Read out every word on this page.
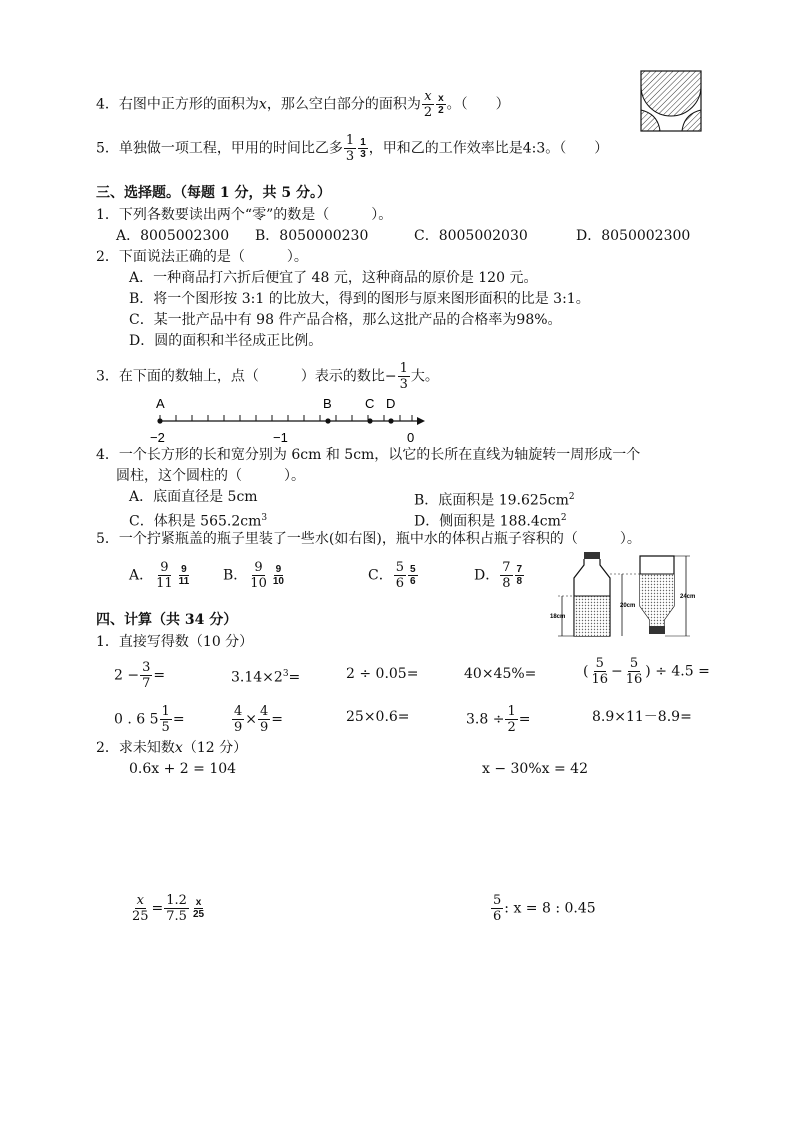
4．右图中正方形的面积为x，那么空白部分的面积为 $\frac{x}{2} \frac{x}{2}$ 。（　　）
5．单独做一项工程，甲用的时间比乙多 $\frac{1}{3} \frac{1}{3}$ ，甲和乙的工作效率比是4:3。（　　）
三、选择题。（每题 1 分，共 5 分。）
1．下列各数要读出两个“零”的数是（　　　）。
A．8005002300 B．8050000230	C．8005002030	D．8050002300
2．下面说法正确的是（　　　）。
A．一种商品打六折后便宜了 48 元，这种商品的原价是 120 元。
B．将一个图形按 3:1 的比放大，得到的图形与原来图形面积的比是 3:1。
C．某一批产品中有 98 件产品合格，那么这批产品的合格率为98%。
D．圆的面积和半径成正比例。
3．在下面的数轴上，点（　　　）表示的数比− $\frac{1}{3}$ 大。
A	B	C D
−2	−1	0
4．一个长方形的长和宽分别为 6cm 和 5cm，以它的长所在直线为轴旋转一周形成一个
圆柱，这个圆柱的（　　　）。
A．底面直径是 5cm	B．底面积是 $19.625cm^2$
C．体积是 $565.2cm^3$	D．侧面积是 $188.4cm^2$
5．一个拧紧瓶盖的瓶子里装了一些水(如右图)，瓶中水的体积占瓶子容积的（　　　）。
A． $\frac{9}{11} \frac{9}{11}$ B． $\frac{9}{10} \frac{9}{10}$	C． $\frac{5}{6} \frac{5}{6}$	D． $\frac{7}{8} \frac{7}{8}$
18cm
20cm
24cm
四、计算（共 34 分）
1．直接写得数（10 分）
$2 - \frac{3}{7}$ =	$3.14\times 2^3=$	2 ÷ 0.05=	40×45%=	( $\frac{5}{16} - \frac{5}{16}$ ) ÷ 4.5 =
0 . 6 $5 \frac{1}{5}$ =	$\frac{4}{9} \times \frac{4}{9}$ =	25×0.6=	$3.8 \div \frac{1}{2}$ =	8.9×11－8.9=
2．求未知数x（12 分）
0.6x + 2 = 104	x − 30%x = 42
$\frac{x}{25} = \frac{1.2}{7.5} \frac{x}{25}$	$\frac{5}{6}$ : x = 8 : 0.45
